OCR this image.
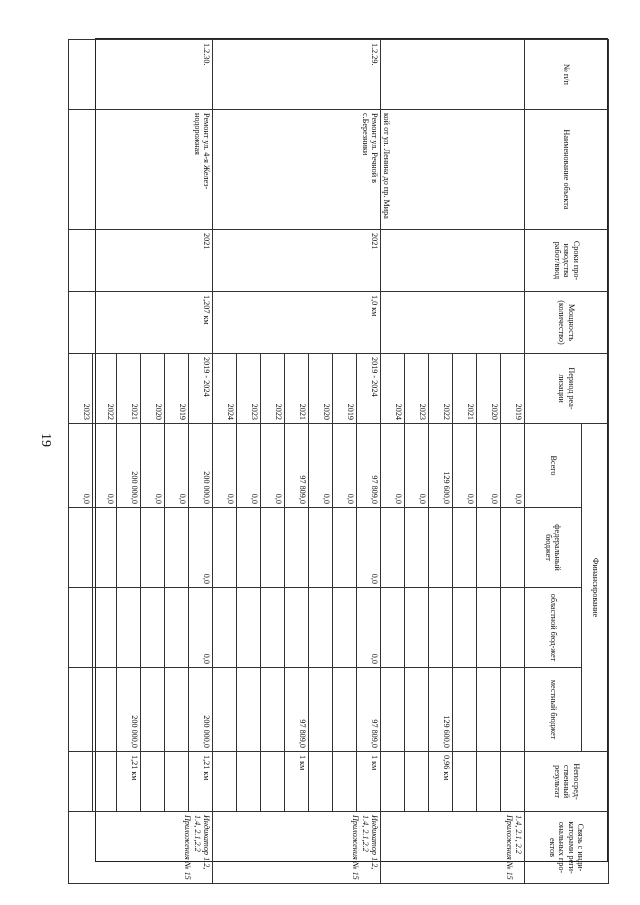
19
№ п/п	Наименование объекта	Сроки про-изводства работ/ввод	Мощность (количество)	Период реа-лизации	Финансирование				Непосред-ственный результат	Связь с инди-каторами реги-ональных про-ектов
					Всего	федеральный бюджет	областной бюд-жет	местный бюджет		
	кой от ул. Ленина до пр. Мира			2019	0,0					1.4, 2.1, 2.2 Приложения № 15
				2020	0,0					
				2021	0,0					
				2022	129 600,0			129 600,0	0,96 км	
				2023	0,0					
				2024	0,0					
1.2.29.	Ремонт ул. Речной в с.Березники	2021	1,0 км	2019 - 2024	97 809,0	0,0	0,0	97 809,0	1 км	Индикатор 1.2, 1.4, 2.1,2.2 Приложения № 15
				2019	0,0					
				2020	0,0					
				2021	97 809,0			97 809,0	1 км	
				2022	0,0					
				2023	0,0					
				2024	0,0					
1.2.30.	Ремонт ул. 4-я Желез-нодорожная	2021	1,207 км	2019 - 2024	200 000,0	0,0	0,0	200 000,0	1,21 км	Индикатор 1.2, 1.4, 2.1,2.2 Приложения № 15
				2019	0,0					
				2020	0,0					
				2021	200 000,0			200 000,0	1,21 км	
				2022	0,0					
				2023	0,0					
